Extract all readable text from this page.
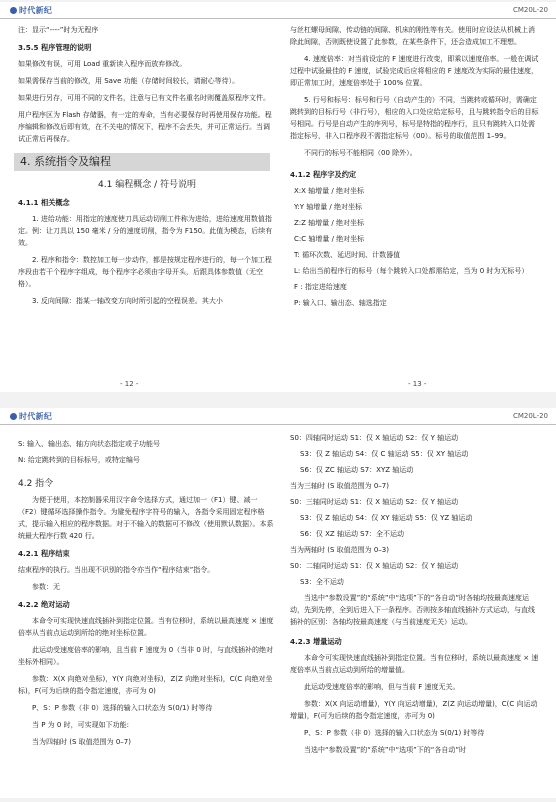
时代新纪	CM20L-20

注：显示“----”时为无程序

3.5.5 程序管理的说明

如果修改有误，可用 Load 重新读入程序而放弃修改。

如果需保存当前的修改，用 Save 功能（存储时间较长，请耐心等待）。

如果进行另存，可用不同的文件名，注意与已有文件名重名时则覆盖原程序文件。

用户程序区为 Flash 存储器，有一定的寿命，当有必要保存时再使用保存功能。程序编辑和修改后即有效，在不关电的情况下，程序不会丢失，并可正常运行。当调试正常后再保存。

4. 系统指令及编程
4.1 编程概念 / 符号说明
4.1.1 相关概念

1. 进给功能：用指定的速度使刀具运动切削工件称为进给，进给速度用数值指定。例：让刀具以 150 毫米 / 分的速度切削，指令为 F150。此值为模态，后续有效。

2. 程序和指令：数控加工每一步动作，都是按规定程序进行的，每一个加工程序段由若干个程序字组成，每个程序字必须由字母开头，后跟具体参数值（无空格）。

3. 反向间隙：指某一轴改变方向时所引起的空程误差。其大小

- 12 -

与丝杠螺母间隙、传动链的间隙、机床的刚性等有关。使用时应设法从机械上消除此间隙，否则既使设置了此参数，在某些条件下，还会造成加工不理想。

4. 速度倍率：对当前设定的 F 速度进行改变，即乘以速度倍率。一般在调试过程中试验最佳的 F 速度，试验完成后应将相应的 F 速度改为实际的最佳速度，即正常加工时，速度倍率处于 100% 位置。

5. 行号和标号：标号和行号（自动产生的）不同，当跳转或循环时，需确定跳转到的目标行号（非行号），相应的入口处应给定标号，且与跳转指令后的目标号相同。行号是自动产生的序列号，标号是特指的程序行，且只有跳转入口处需指定标号，非入口程序段不需指定标号（00）。标号的取值范围 1–99。

不同行的标号不能相同（00 除外）。

4.1.2 程序字及约定
X:X 轴增量 / 绝对坐标
Y:Y 轴增量 / 绝对坐标
Z:Z 轴增量 / 绝对坐标
C:C 轴增量 / 绝对坐标
T: 循环次数、延迟时间、计数器值
L: 给出当前程序行的标号（每个跳转入口处都需给定，当为 0 时为无标号）
F : 指定进给速度
P: 输入口、输出态、轴选指定
- 13 -
时代新纪	CM20L-20
S: 输入、输出态、轴方向状态指定或子功能号
N: 给定跳转到的目标标号，或特定编号
4.2 指令

为便于使用，本控制器采用汉字命令选择方式，通过加一（F1）键、减一（F2）键循环选择操作指令。为避免程序字符号的输入，各指令采用固定程序格式，提示输入相应的程序数据。对于不输入的数据可不修改（使用默认数据）。本系统最大程序行数 420 行。

4.2.1 程序结束

结束程序的执行。当出现不识别的指令亦当作“程序结束”指令。

参数：无

4.2.2 绝对运动

本命令可实现快速直线插补到指定位置。当有位移时，系统以最高速度 × 速度倍率从当前点运动到所给的绝对坐标位置。

此运动受速度倍率的影响，且当前 F 速度为 0（当非 0 时，与直线插补的绝对坐标外相同）。

参数：X(X 向绝对坐标)，Y(Y 向绝对坐标)，Z(Z 向绝对坐标)，C(C 向绝对坐标)，F(可为后续的指令指定速度，亦可为 0)

P、S：P 参数（非 0）选择的输入口状态为 S(0/1) 时等待

当 P 为 0 时，可实现如下功能:

当为四轴时 (S 取值范围为 0–7)

S0：四轴同时运动 S1：仅 X 轴运动 S2：仅 Y 轴运动
S3：仅 Z 轴运动 S4：仅 C 轴运动 S5：仅 XY 轴运动
S6：仅 ZC 轴运动 S7：XYZ 轴运动
当为三轴时 (S 取值范围为 0–7)
S0：三轴同时运动 S1：仅 X 轴运动 S2：仅 Y 轴运动
S3：仅 Z 轴运动 S4：仅 XY 轴运动 S5：仅 YZ 轴运动
S6：仅 XZ 轴运动 S7：全不运动
当为两轴时 (S 取值范围为 0–3)
S0：二轴同时运动 S1：仅 X 轴运动 S2：仅 Y 轴运动
S3：全不运动

当选中“参数设置”的“系统”中“选项”下的“各自动”时各轴均按最高速度运动，先到先停，全到后进入下一条程序。否则按多轴直线插补方式运动，与直线插补的区别：各轴均按最高速度（与当前速度无关）运动。

4.2.3 增量运动

本命令可实现快速直线插补到指定位置。当有位移时，系统以最高速度 × 速度倍率从当前点运动到所给的增量值。

此运动受速度倍率的影响，但与当前 F 速度无关。

参数：X(X 向运动增量)，Y(Y 向运动增量)，Z(Z 向运动增量)，C(C 向运动增量)，F(可为后续的指令指定速度，亦可为 0)

P、S：P 参数（非 0）选择的输入口状态为 S(0/1) 时等待

当选中“参数设置”的“系统”中“选项”下的“各自动”时
